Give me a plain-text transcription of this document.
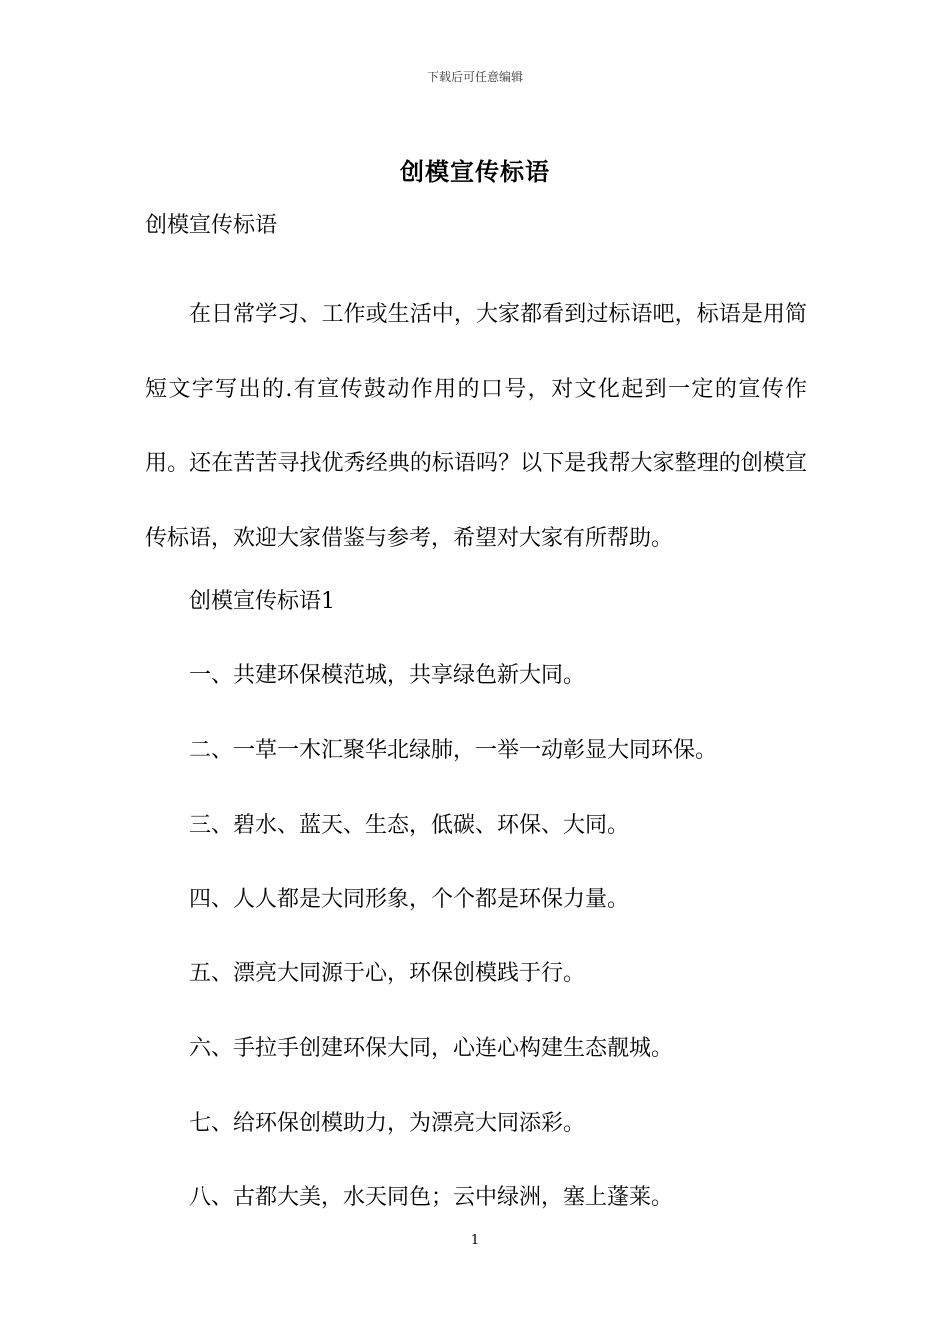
下载后可任意编辑
创模宣传标语
创模宣传标语

在日常学习、工作或生活中，大家都看到过标语吧，标语是用简短文字写出的.有宣传鼓动作用的口号，对文化起到一定的宣传作用。还在苦苦寻找优秀经典的标语吗？以下是我帮大家整理的创模宣传标语，欢迎大家借鉴与参考，希望对大家有所帮助。

创模宣传标语1
一、共建环保模范城，共享绿色新大同。
二、一草一木汇聚华北绿肺，一举一动彰显大同环保。
三、碧水、蓝天、生态，低碳、环保、大同。
四、人人都是大同形象，个个都是环保力量。
五、漂亮大同源于心，环保创模践于行。
六、手拉手创建环保大同，心连心构建生态靓城。
七、给环保创模助力，为漂亮大同添彩。
八、古都大美，水天同色；云中绿洲，塞上蓬莱。
1
